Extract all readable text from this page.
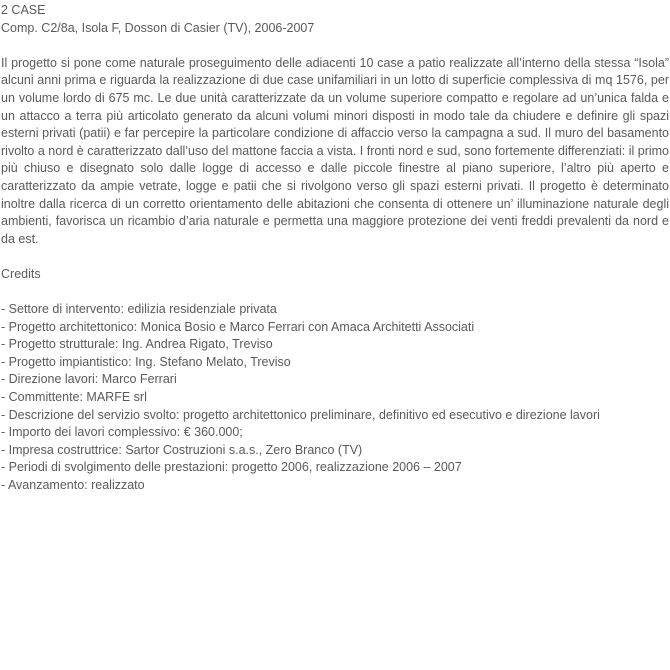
2 CASE

Comp. C2/8a, Isola F, Dosson di Casier (TV), 2006-2007

Il progetto si pone come naturale proseguimento delle adiacenti 10 case a patio realizzate all’interno della stessa “Isola” alcuni anni prima e riguarda la realizzazione di due case unifamiliari in un lotto di superficie complessiva di mq 1576, per un volume lordo di 675 mc. Le due unità caratterizzate da un volume superiore compatto e regolare ad un’unica falda e un attacco a terra più articolato generato da alcuni volumi minori disposti in modo tale da chiudere e definire gli spazi esterni privati (patii) e far percepire la particolare condizione di affaccio verso la campagna a sud. Il muro del basamento rivolto a nord è caratterizzato dall’uso del mattone faccia a vista. I fronti nord e sud, sono fortemente differenziati: il primo più chiuso e disegnato solo dalle logge di accesso e dalle piccole finestre al piano superiore, l’altro più aperto e caratterizzato da ampie vetrate, logge e patii che si rivolgono verso gli spazi esterni privati. Il progetto è determinato inoltre dalla ricerca di un corretto orientamento delle abitazioni che consenta di ottenere un’ illuminazione naturale degli ambienti, favorisca un ricambio d’aria naturale e permetta una maggiore protezione dei venti freddi prevalenti da nord e da est.

Credits

- Settore di intervento: edilizia residenziale privata
- Progetto architettonico: Monica Bosio e Marco Ferrari con Amaca Architetti Associati
- Progetto strutturale: Ing. Andrea Rigato, Treviso
- Progetto impiantistico: Ing. Stefano Melato, Treviso
- Direzione lavori: Marco Ferrari
- Committente: MARFE srl
- Descrizione del servizio svolto: progetto architettonico preliminare, definitivo ed esecutivo e direzione lavori
- Importo dei lavori complessivo: € 360.000;
- Impresa costruttrice: Sartor Costruzioni s.a.s., Zero Branco (TV)
- Periodi di svolgimento delle prestazioni: progetto 2006, realizzazione 2006 – 2007
- Avanzamento: realizzato
